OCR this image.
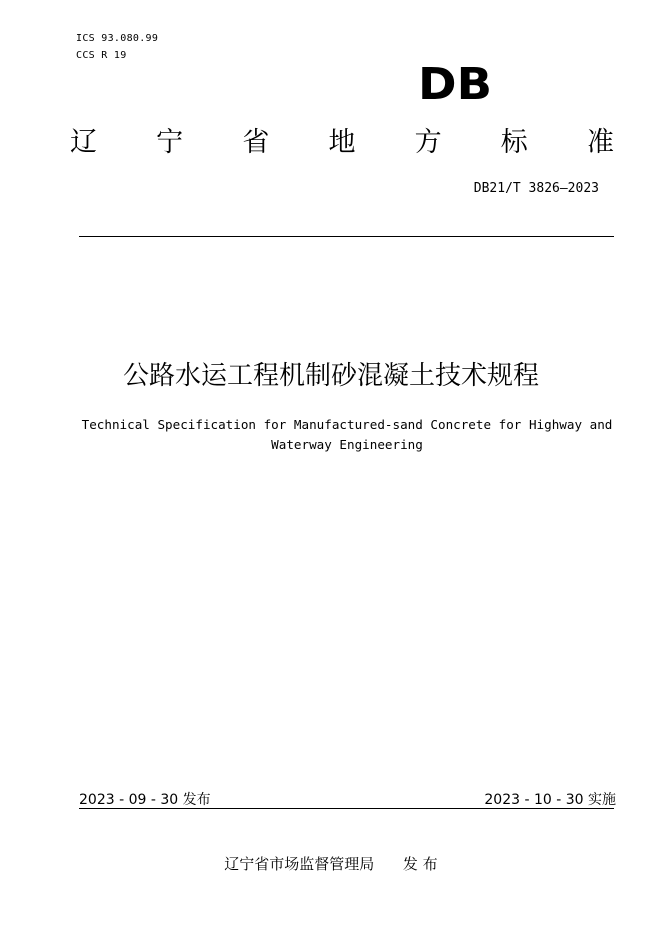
ICS 93.080.99
CCS R 19
DB
辽 宁 省 地 方 标 准
DB21/T 3826—2023
公路水运工程机制砂混凝土技术规程
Technical Specification for Manufactured-sand Concrete for Highway and
Waterway Engineering
2023 - 09 - 30 发布	2023 - 10 - 30 实施
辽宁省市场监督管理局      发 布
